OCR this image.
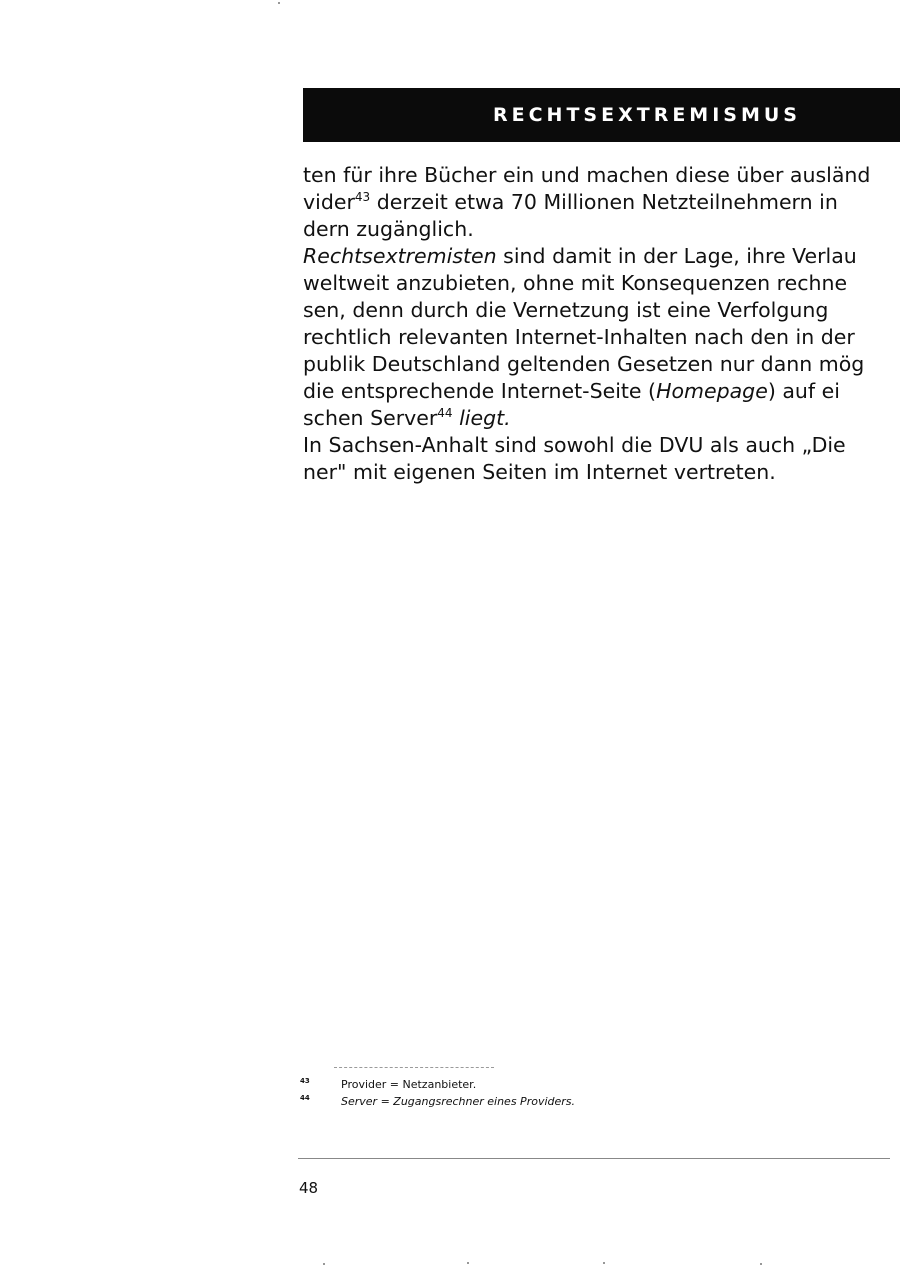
RECHTSEXTREMISMUS
ten für ihre Bücher ein und machen diese über ausländ
vider$^{43}$ derzeit etwa 70 Millionen Netzteilnehmern in
dern zugänglich.
Rechtsextremisten sind damit in der Lage, ihre Verlau
weltweit anzubieten, ohne mit Konsequenzen rechne
sen, denn durch die Vernetzung ist eine Verfolgung
rechtlich relevanten Internet-Inhalten nach den in der
publik Deutschland geltenden Gesetzen nur dann mög
die entsprechende Internet-Seite (Homepage) auf ei
schen Server$^{44}$ liegt.
In Sachsen-Anhalt sind sowohl die DVU als auch „Die
ner" mit eigenen Seiten im Internet vertreten.
43	Provider = Netzanbieter.
44	Server = Zugangsrechner eines Providers.
48
